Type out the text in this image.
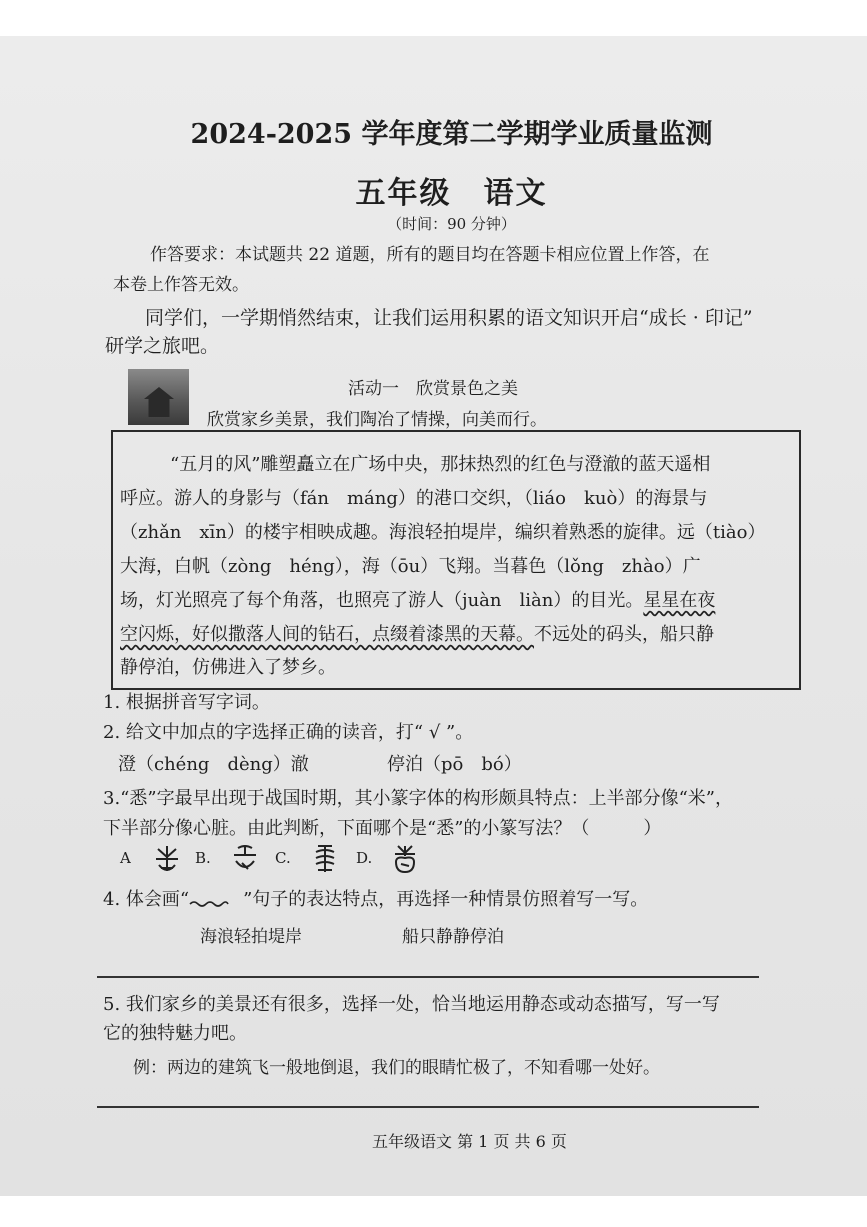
2024-2025 学年度第二学期学业质量监测
五年级　语文
（时间：90 分钟）
作答要求：本试题共 22 道题，所有的题目均在答题卡相应位置上作答，在
本卷上作答无效。
同学们，一学期悄然结束，让我们运用积累的语文知识开启“成长 · 印记”
研学之旅吧。
活动一　欣赏景色之美
欣赏家乡美景，我们陶冶了情操，向美而行。
“五月的风”雕塑矗立在广场中央，那抹热烈的红色与澄澈的蓝天遥相
呼应。游人的身影与（fán　máng）的港口交织，（liáo　kuò）的海景与
（zhǎn　xīn）的楼宇相映成趣。海浪轻拍堤岸，编织着熟悉的旋律。远（tiào）
大海，白帆（zòng　héng），海（ōu）飞翔。当暮色（lǒng　zhào）广
场，灯光照亮了每个角落，也照亮了游人（juàn　liàn）的目光。星星在夜
空闪烁，好似撒落人间的钻石，点缀着漆黑的天幕。不远处的码头，船只静
静停泊，仿佛进入了梦乡。
1. 根据拼音写字词。
2. 给文中加点的字选择正确的读音，打“ √ ”。
澄（chéng　dèng）澈	停泊（pō　bó）
3.“悉”字最早出现于战国时期，其小篆字体的构形颇具特点：上半部分像“米”，
下半部分像心脏。由此判断，下面哪个是“悉”的小篆写法？（　　　）
A	B.	C.	D.
4. 体会画“　　　”句子的表达特点，再选择一种情景仿照着写一写。
海浪轻拍堤岸	船只静静停泊
5. 我们家乡的美景还有很多，选择一处，恰当地运用静态或动态描写，写一写
它的独特魅力吧。
例：两边的建筑飞一般地倒退，我们的眼睛忙极了，不知看哪一处好。
五年级语文 第 1 页 共 6 页
